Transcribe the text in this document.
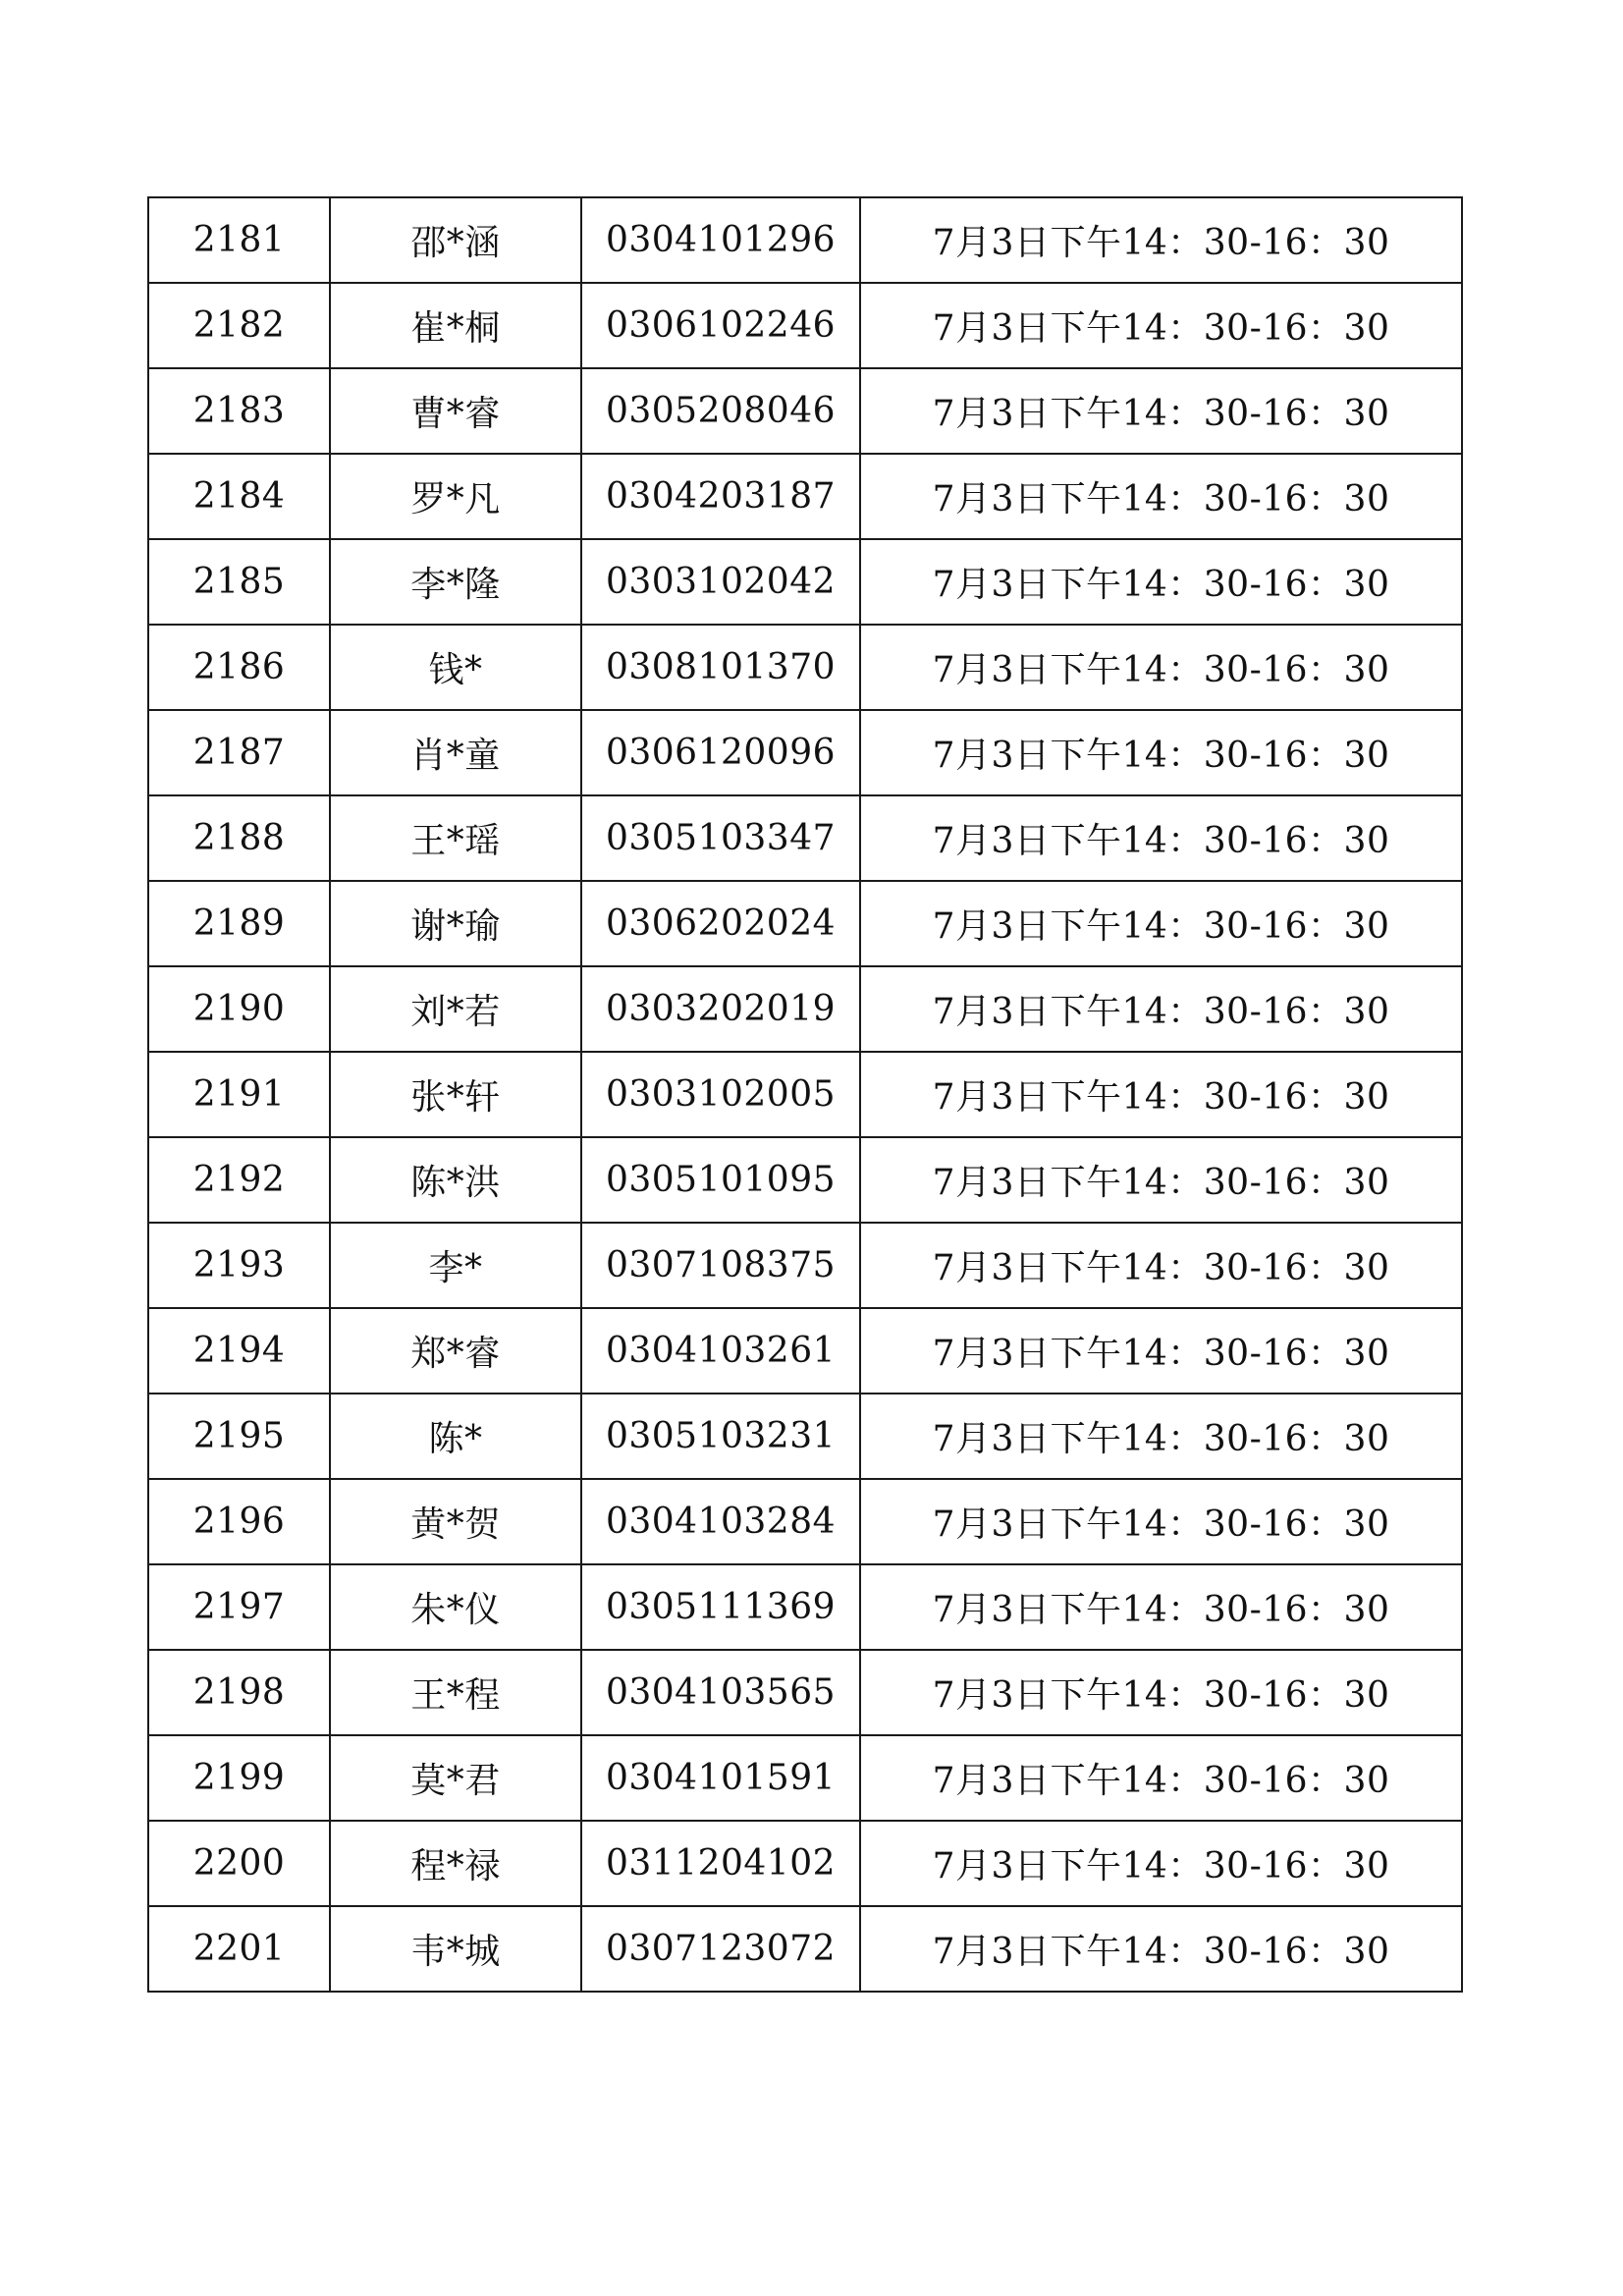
2181	邵*涵	0304101296	7月3日下午14：30-16：30
2182	崔*桐	0306102246	7月3日下午14：30-16：30
2183	曹*睿	0305208046	7月3日下午14：30-16：30
2184	罗*凡	0304203187	7月3日下午14：30-16：30
2185	李*隆	0303102042	7月3日下午14：30-16：30
2186	钱*	0308101370	7月3日下午14：30-16：30
2187	肖*童	0306120096	7月3日下午14：30-16：30
2188	王*瑶	0305103347	7月3日下午14：30-16：30
2189	谢*瑜	0306202024	7月3日下午14：30-16：30
2190	刘*若	0303202019	7月3日下午14：30-16：30
2191	张*轩	0303102005	7月3日下午14：30-16：30
2192	陈*洪	0305101095	7月3日下午14：30-16：30
2193	李*	0307108375	7月3日下午14：30-16：30
2194	郑*睿	0304103261	7月3日下午14：30-16：30
2195	陈*	0305103231	7月3日下午14：30-16：30
2196	黄*贺	0304103284	7月3日下午14：30-16：30
2197	朱*仪	0305111369	7月3日下午14：30-16：30
2198	王*程	0304103565	7月3日下午14：30-16：30
2199	莫*君	0304101591	7月3日下午14：30-16：30
2200	程*禄	0311204102	7月3日下午14：30-16：30
2201	韦*城	0307123072	7月3日下午14：30-16：30
